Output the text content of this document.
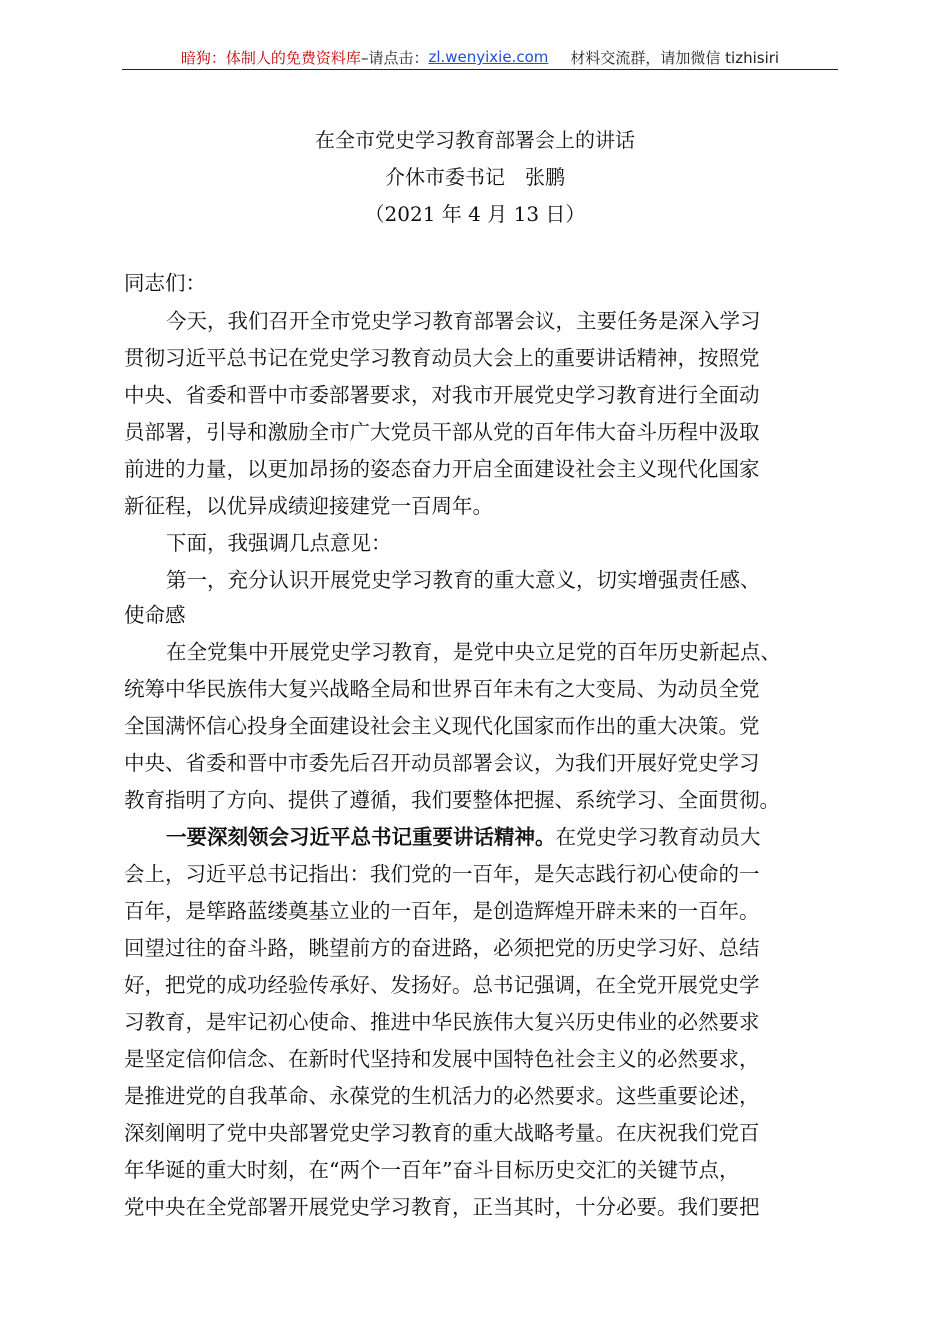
暗狗：体制人的免费资料库 –请点击： zl.wenyixie.com 材料交流群，请加微信 tizhisiri
在全市党史学习教育部署会上的讲话
介休市委书记　张鹏
（2021 年 4 月 13 日）
同志们：
今天，我们召开全市党史学习教育部署会议，主要任务是深入学习
贯彻习近平总书记在党史学习教育动员大会上的重要讲话精神，按照党
中央、省委和晋中市委部署要求，对我市开展党史学习教育进行全面动
员部署，引导和激励全市广大党员干部从党的百年伟大奋斗历程中汲取
前进的力量，以更加昂扬的姿态奋力开启全面建设社会主义现代化国家
新征程，以优异成绩迎接建党一百周年。
下面，我强调几点意见：
第一，充分认识开展党史学习教育的重大意义，切实增强责任感、
使命感
在全党集中开展党史学习教育，是党中央立足党的百年历史新起点、
统筹中华民族伟大复兴战略全局和世界百年未有之大变局、为动员全党
全国满怀信心投身全面建设社会主义现代化国家而作出的重大决策。党
中央、省委和晋中市委先后召开动员部署会议，为我们开展好党史学习
教育指明了方向、提供了遵循，我们要整体把握、系统学习、全面贯彻。
一要深刻领会习近平总书记重要讲话精神。在党史学习教育动员大
会上，习近平总书记指出：我们党的一百年，是矢志践行初心使命的一
百年，是筚路蓝缕奠基立业的一百年，是创造辉煌开辟未来的一百年。
回望过往的奋斗路，眺望前方的奋进路，必须把党的历史学习好、总结
好，把党的成功经验传承好、发扬好。总书记强调，在全党开展党史学
习教育，是牢记初心使命、推进中华民族伟大复兴历史伟业的必然要求
是坚定信仰信念、在新时代坚持和发展中国特色社会主义的必然要求，
是推进党的自我革命、永葆党的生机活力的必然要求。这些重要论述，
深刻阐明了党中央部署党史学习教育的重大战略考量。在庆祝我们党百
年华诞的重大时刻，在“两个一百年”奋斗目标历史交汇的关键节点，
党中央在全党部署开展党史学习教育，正当其时，十分必要。我们要把
